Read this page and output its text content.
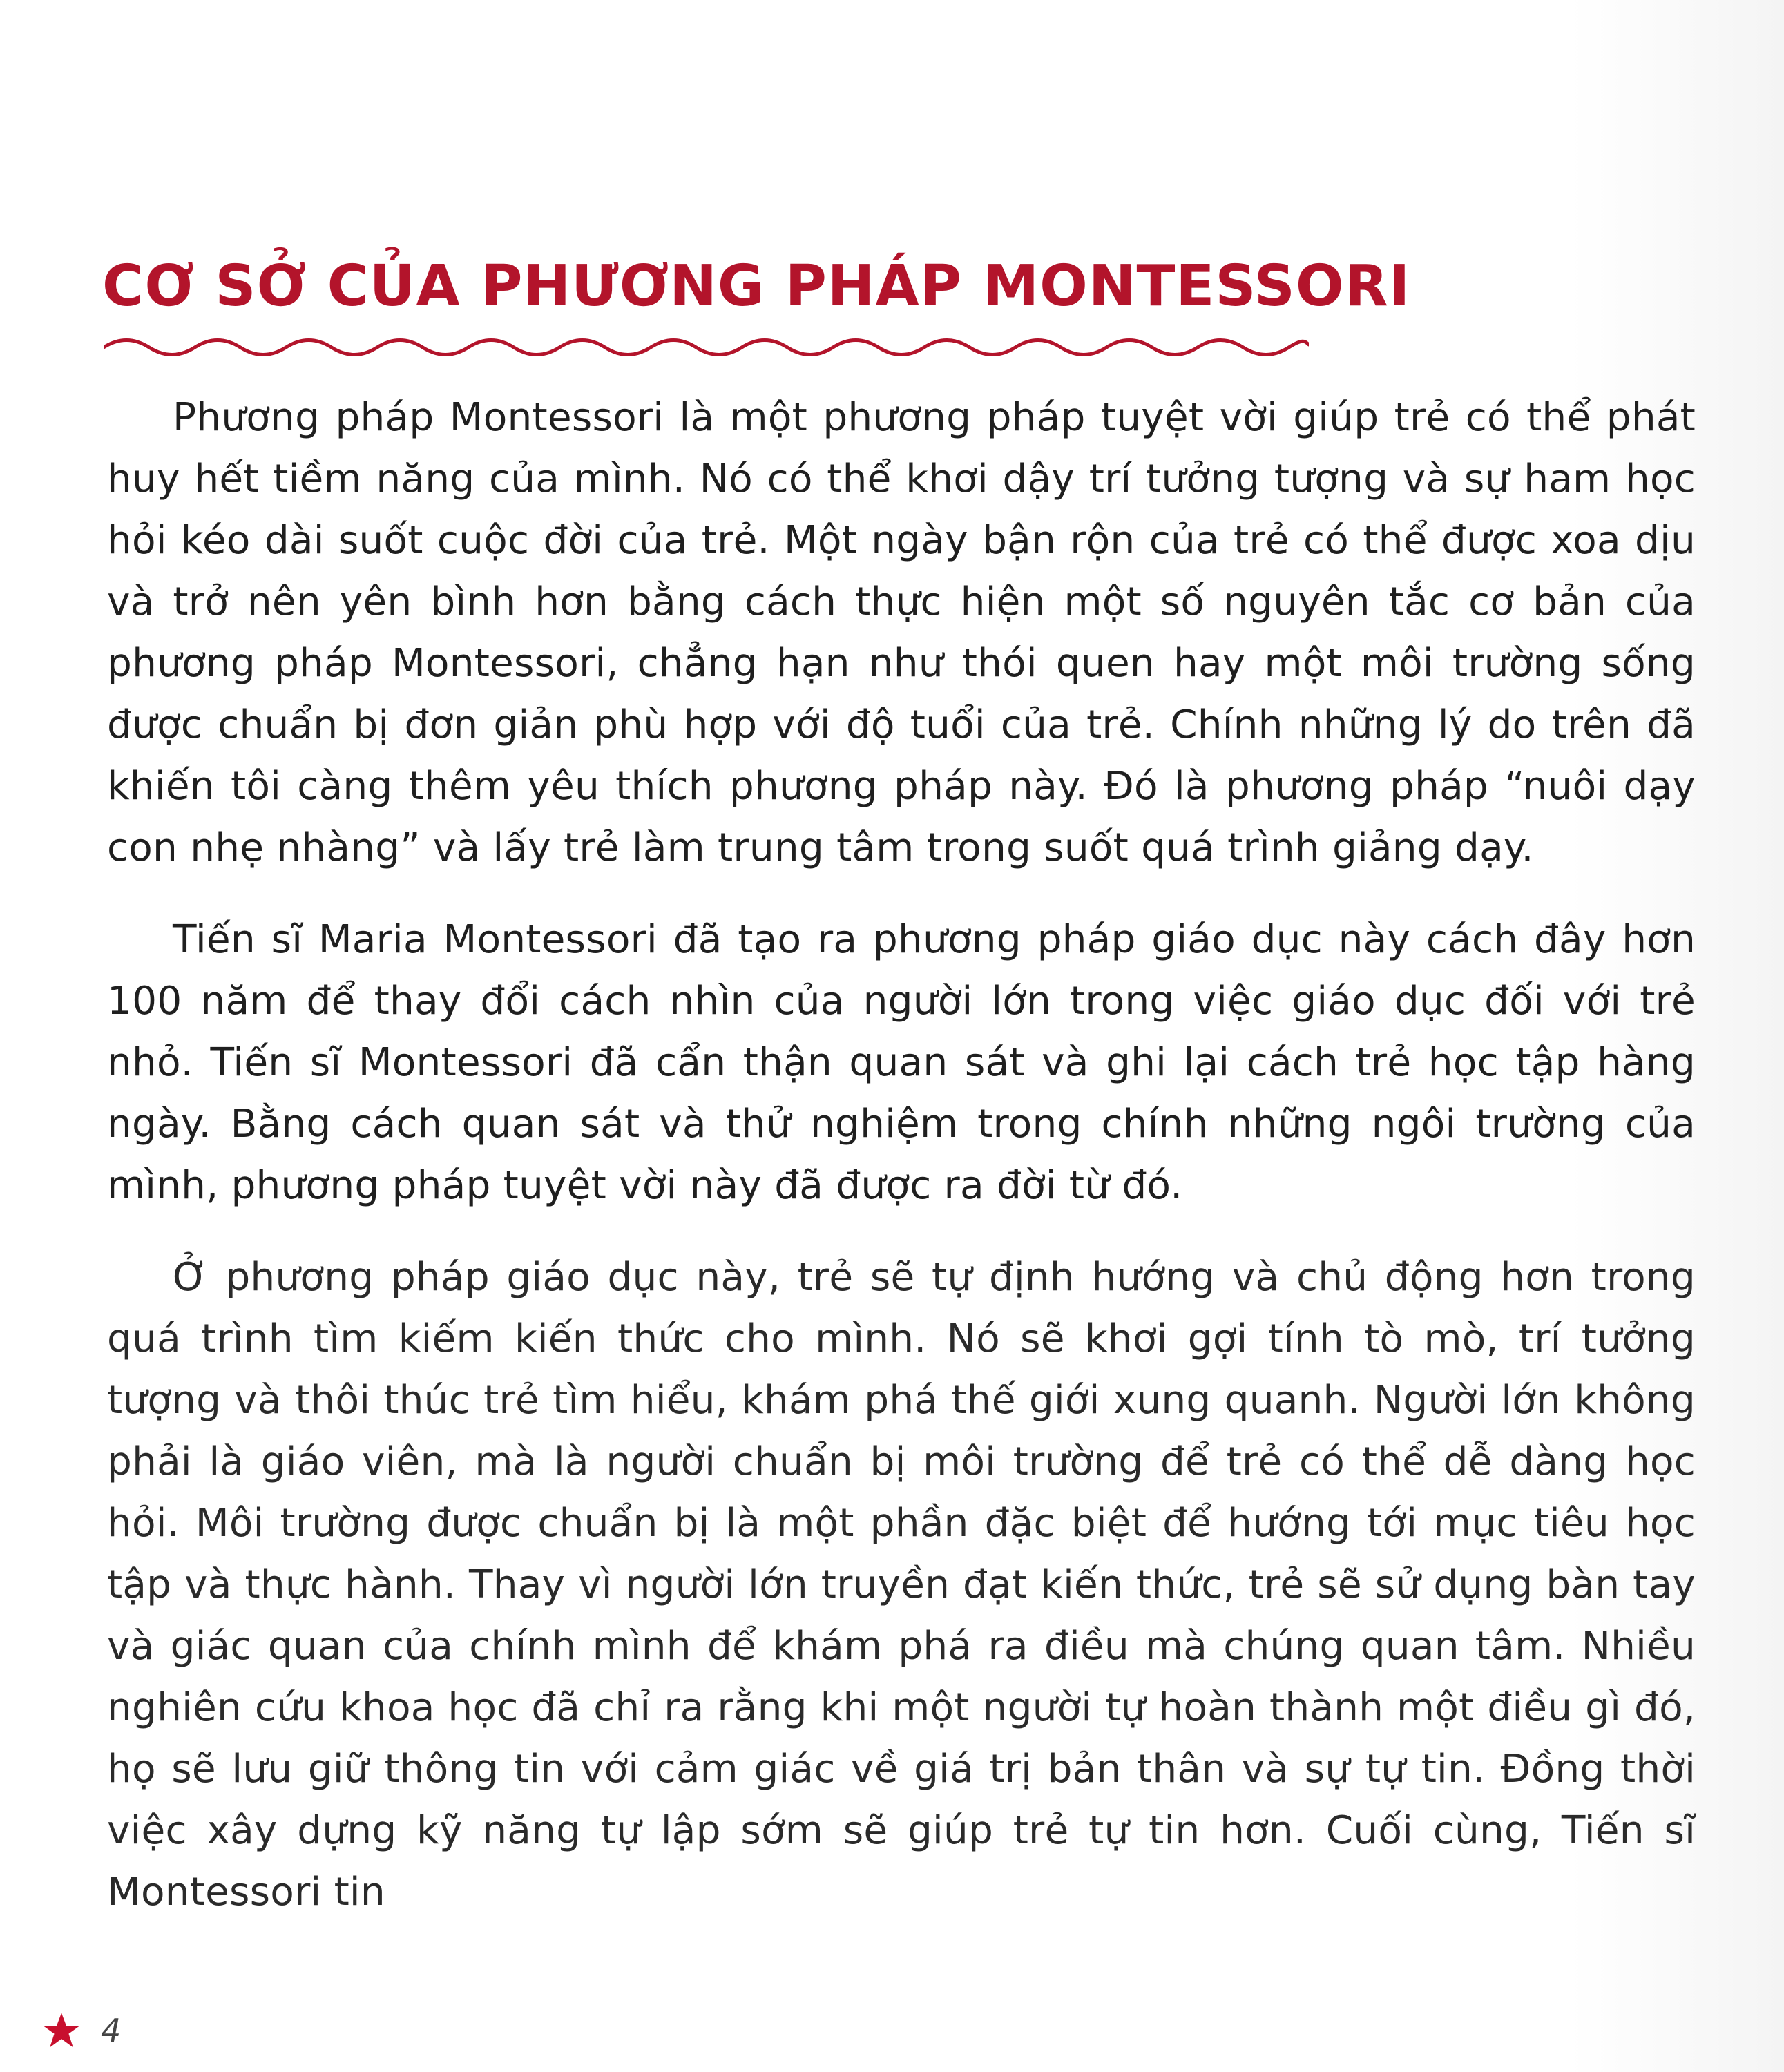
CƠ SỞ CỦA PHƯƠNG PHÁP MONTESSORI

Phương pháp Montessori là một phương pháp tuyệt vời giúp trẻ có thể phát huy hết tiềm năng của mình. Nó có thể khơi dậy trí tưởng tượng và sự ham học hỏi kéo dài suốt cuộc đời của trẻ. Một ngày bận rộn của trẻ có thể được xoa dịu và trở nên yên bình hơn bằng cách thực hiện một số nguyên tắc cơ bản của phương pháp Montessori, chẳng hạn như thói quen hay một môi trường sống được chuẩn bị đơn giản phù hợp với độ tuổi của trẻ. Chính những lý do trên đã khiến tôi càng thêm yêu thích phương pháp này. Đó là phương pháp “nuôi dạy con nhẹ nhàng” và lấy trẻ làm trung tâm trong suốt quá trình giảng dạy.

Tiến sĩ Maria Montessori đã tạo ra phương pháp giáo dục này cách đây hơn 100 năm để thay đổi cách nhìn của người lớn trong việc giáo dục đối với trẻ nhỏ. Tiến sĩ Montessori đã cẩn thận quan sát và ghi lại cách trẻ học tập hàng ngày. Bằng cách quan sát và thử nghiệm trong chính những ngôi trường của mình, phương pháp tuyệt vời này đã được ra đời từ đó.

Ở phương pháp giáo dục này, trẻ sẽ tự định hướng và chủ động hơn trong quá trình tìm kiếm kiến thức cho mình. Nó sẽ khơi gợi tính tò mò, trí tưởng tượng và thôi thúc trẻ tìm hiểu, khám phá thế giới xung quanh. Người lớn không phải là giáo viên, mà là người chuẩn bị môi trường để trẻ có thể dễ dàng học hỏi. Môi trường được chuẩn bị là một phần đặc biệt để hướng tới mục tiêu học tập và thực hành. Thay vì người lớn truyền đạt kiến thức, trẻ sẽ sử dụng bàn tay và giác quan của chính mình để khám phá ra điều mà chúng quan tâm. Nhiều nghiên cứu khoa học đã chỉ ra rằng khi một người tự hoàn thành một điều gì đó, họ sẽ lưu giữ thông tin với cảm giác về giá trị bản thân và sự tự tin. Đồng thời việc xây dựng kỹ năng tự lập sớm sẽ giúp trẻ tự tin hơn. Cuối cùng, Tiến sĩ Montessori tin

4
